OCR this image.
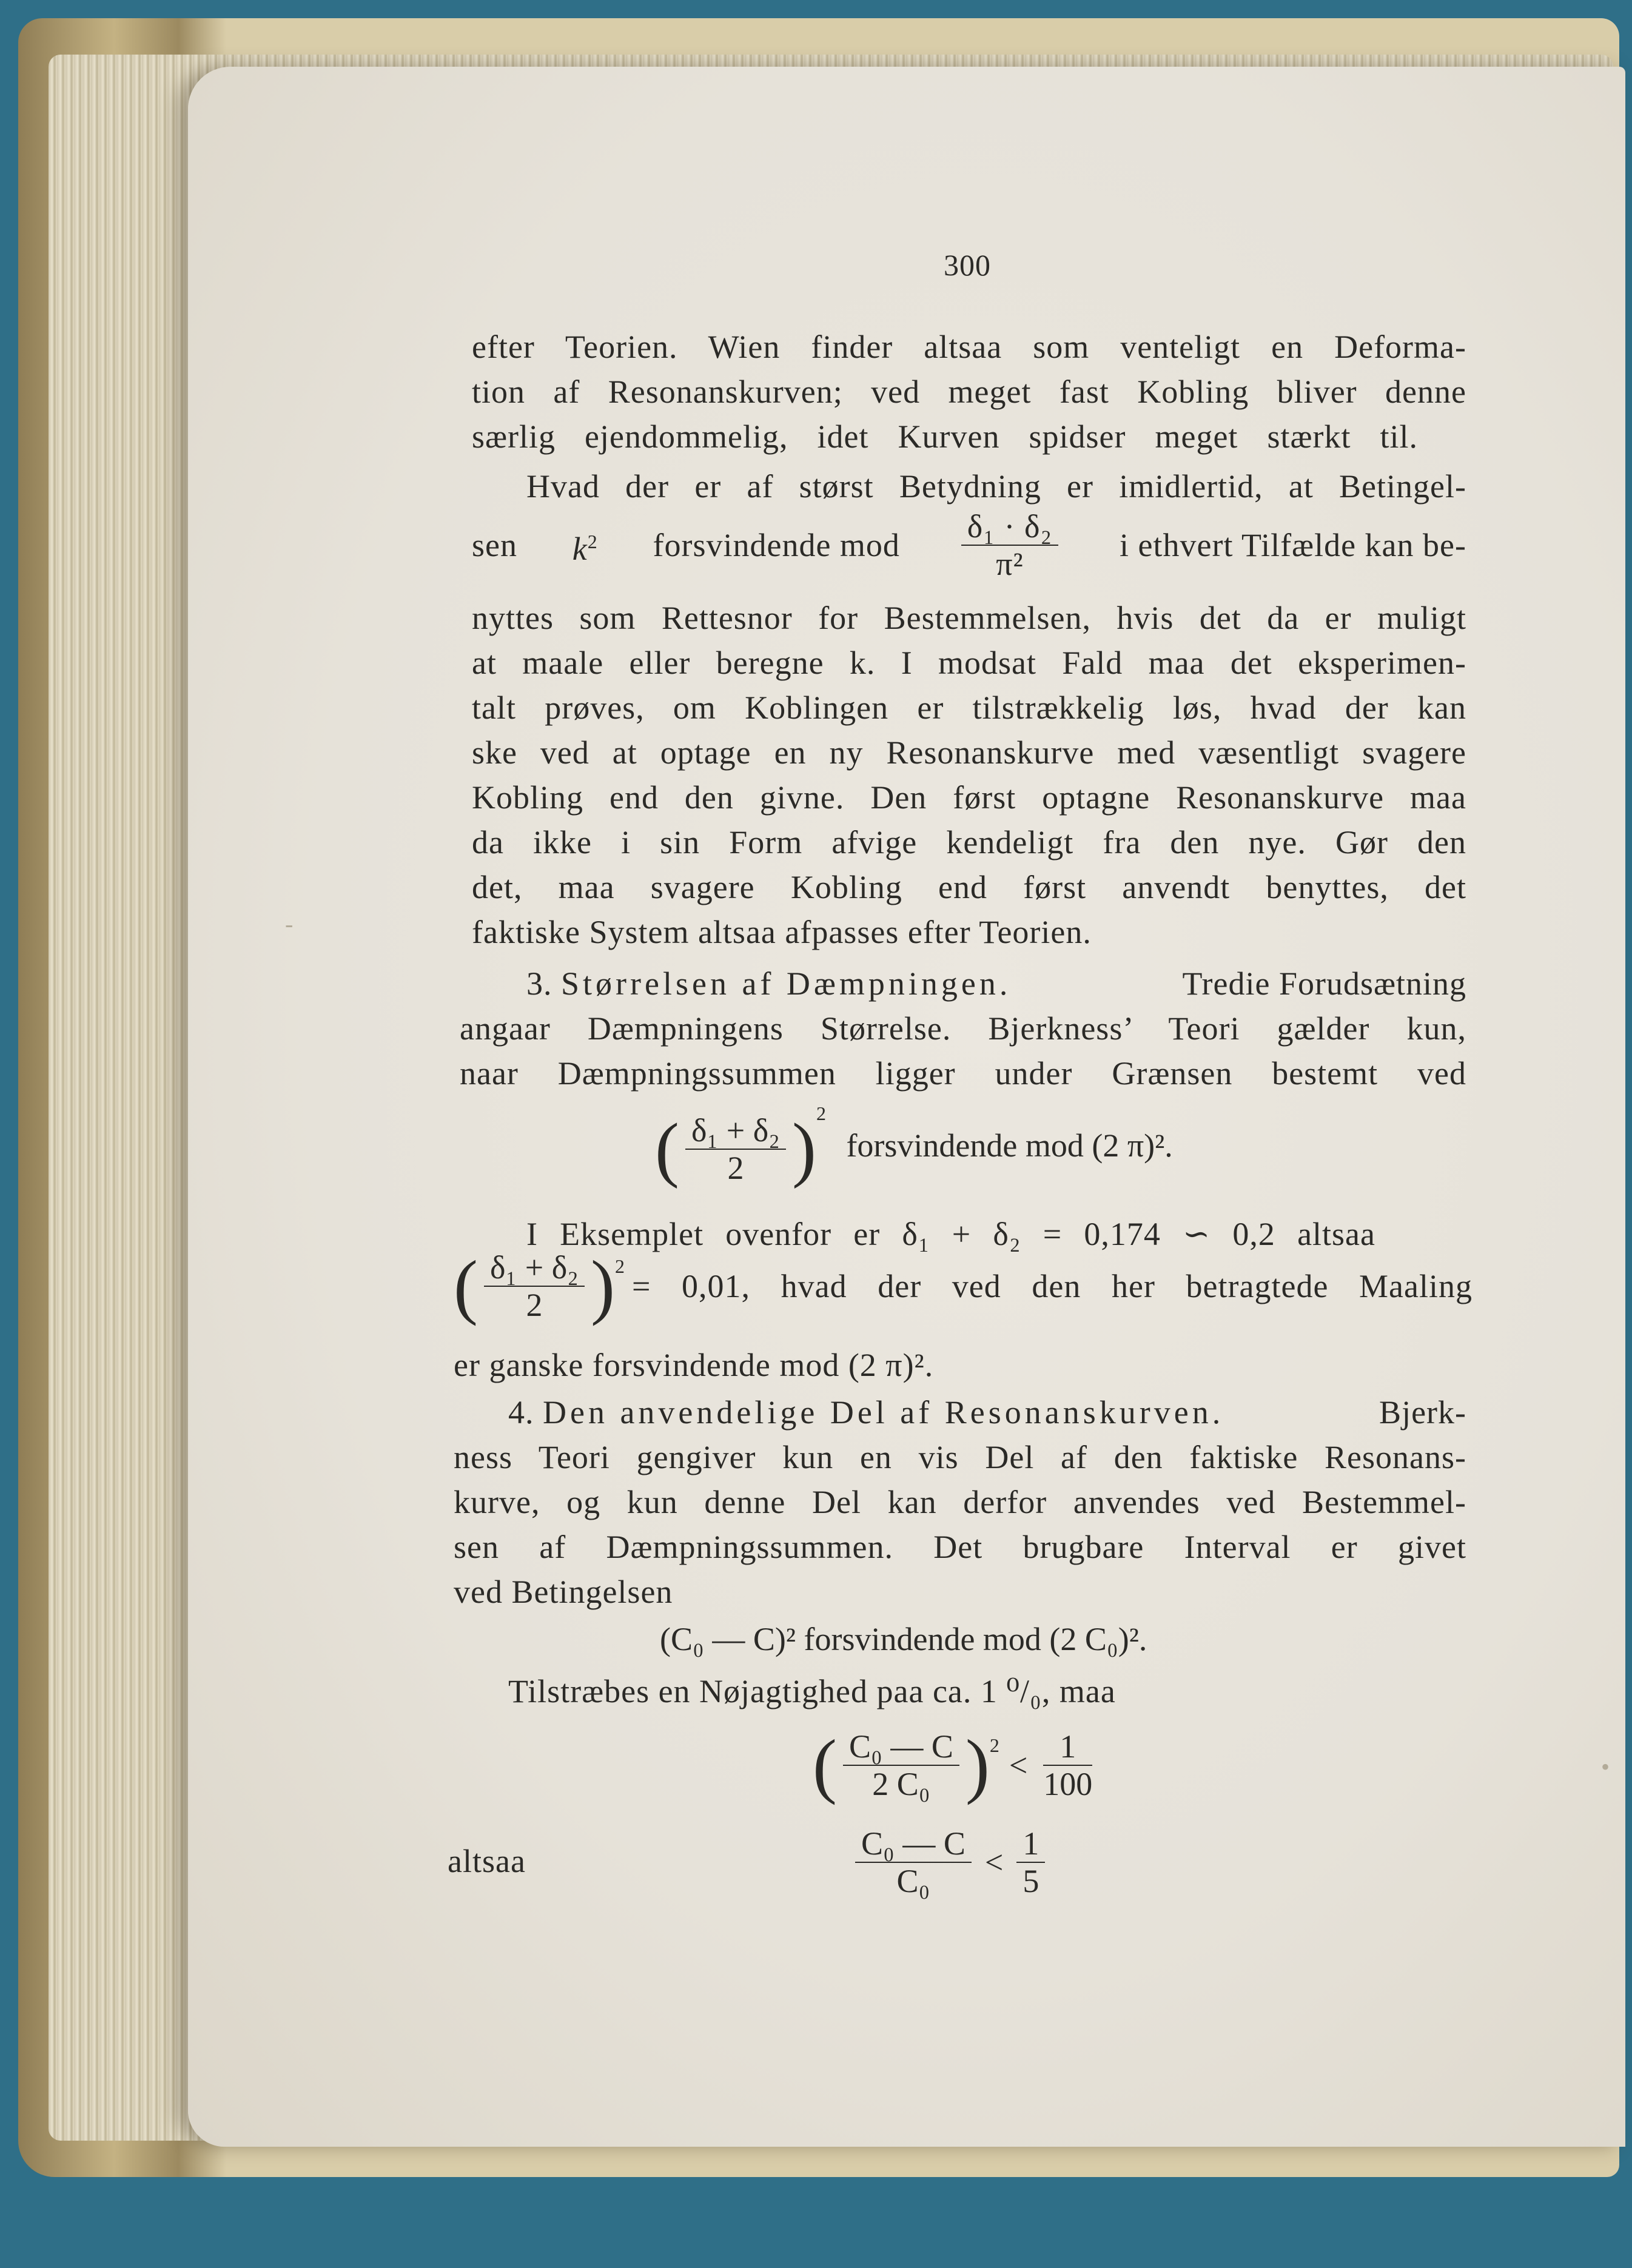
300
efter Teorien. Wien finder altsaa som venteligt en Deforma-
tion af Resonanskurven; ved meget fast Kobling bliver denne
særlig ejendommelig, idet Kurven spidser meget stærkt til.
Hvad der er af størst Betydning er imidlertid, at Betingel-
sen $k^2$ forsvindende mod $\frac{\text{δ₁ · δ₂}}{\text{π²}}$ i ethvert Tilfælde kan be-
nyttes som Rettesnor for Bestemmelsen, hvis det da er muligt
at maale eller beregne k. I modsat Fald maa det eksperimen-
talt prøves, om Koblingen er tilstrækkelig løs, hvad der kan
ske ved at optage en ny Resonanskurve med væsentligt svagere
Kobling end den givne. Den først optagne Resonanskurve maa
da ikke i sin Form afvige kendeligt fra den nye. Gør den
det, maa svagere Kobling end først anvendt benyttes, det
faktiske System altsaa afpasses efter Teorien.
3. Størrelsen af Dæmpningen.	Tredie Forudsætning
angaar Dæmpningens Størrelse. Bjerkness’ Teori gælder kun,
naar Dæmpningssummen ligger under Grænsen bestemt ved
( $\frac{\text{δ₁ + δ₂}}{2} )^2$ forsvindende mod (2 π)².
I Eksemplet ovenfor er δ₁ + δ₂ = 0,174 ∽ 0,2 altsaa
( $\frac{\text{δ₁ + δ₂}}{2} )^2$
= 0,01, hvad der ved den her betragtede Maaling
er ganske forsvindende mod (2 π)².
4. Den anvendelige Del af Resonanskurven.	Bjerk-
ness Teori gengiver kun en vis Del af den faktiske Resonans-
kurve, og kun denne Del kan derfor anvendes ved Bestemmel-
sen af Dæmpningssummen. Det brugbare Interval er givet
ved Betingelsen
(C₀ — C)² forsvindende mod (2 C₀)².
Tilstræbes en Nøjagtighed paa ca. 1 ⁰/₀, maa
( $\frac{\text{C₀ — C}}{\text{2 C₀}} )^2$
< $\frac{1}{100}$
altsaa	$\frac{\text{C₀ — C}}{\text{C₀}} < \frac{1}{5}$
-
•
